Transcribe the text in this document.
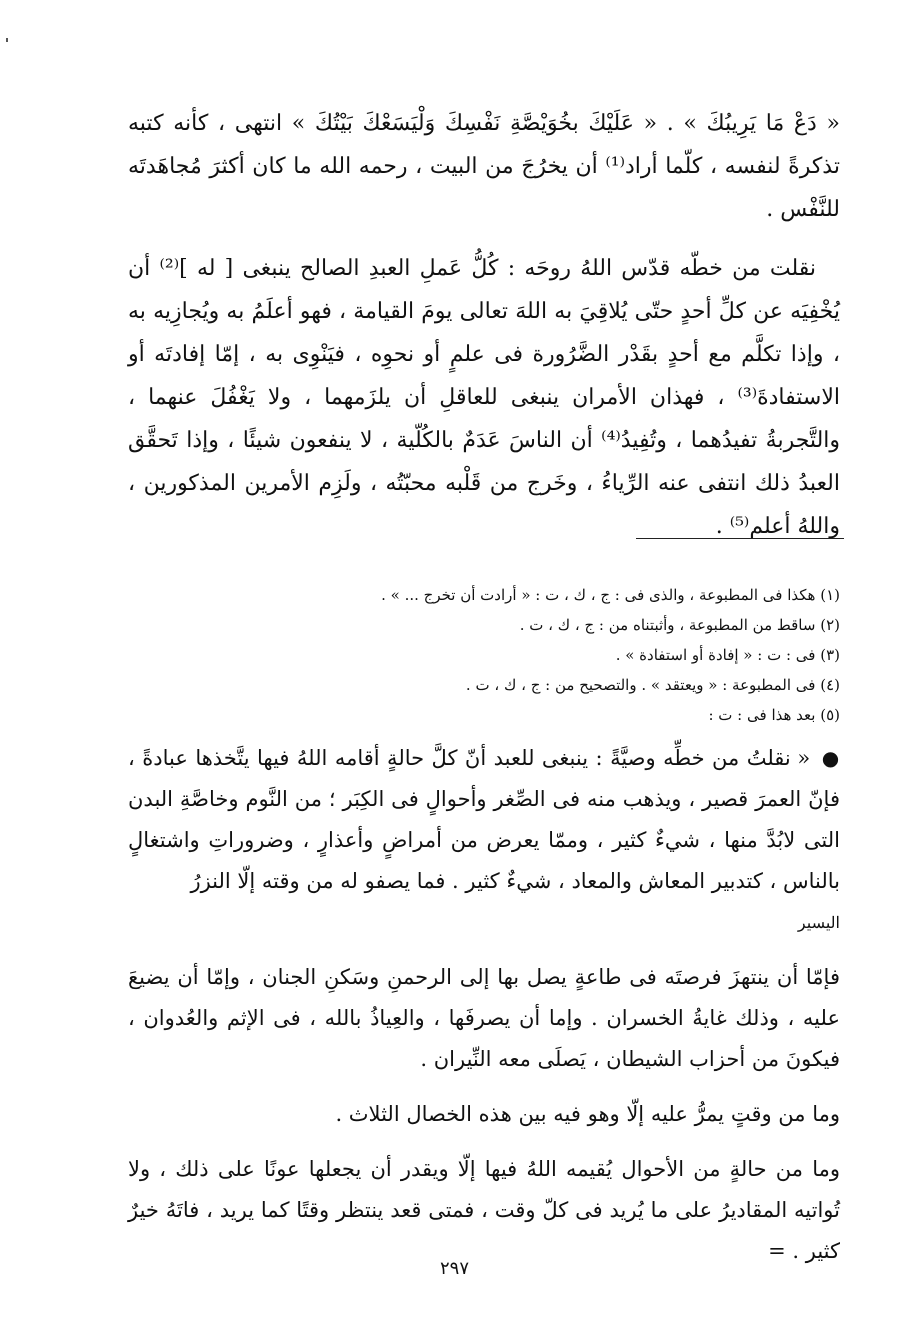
« دَعْ مَا يَرِيبُكَ » . « عَلَيْكَ بخُوَيْصَّةِ نَفْسِكَ وَلْيَسَعْكَ بَيْتُكَ » انتهى ، كأنه كتبه تذكرةً لنفسه ، كلّما أراد⁽¹⁾ أن يخرُجَ من البيت ، رحمه الله ما كان أكثرَ مُجاهَدتَه للنَّفْس .

نقلت من خطّه قدّس اللهُ روحَه : كُلُّ عَملِ العبدِ الصالح ينبغى [ له ]⁽²⁾ أن يُخْفِيَه عن كلِّ أحدٍ حتّى يُلاقِيَ به اللهَ تعالى يومَ القيامة ، فهو أعلَمُ به ويُجازِيه به ، وإذا تكلَّم مع أحدٍ بقَدْر الضَّرُورة فى علمٍ أو نحوِه ، فيَنْوِى به ، إمّا إفادتَه أو الاستفادةَ⁽³⁾ ، فهذان الأمران ينبغى للعاقلِ أن يلزَمهما ، ولا يَغْفُلَ عنهما ، والتَّجربةُ تفيدُهما ، وتُفِيدُ⁽⁴⁾ أن الناسَ عَدَمٌ بالكُلّية ، لا ينفعون شيئًا ، وإذا تَحقَّق العبدُ ذلك انتفى عنه الرِّياءُ ، وخَرج من قَلْبه محبّتُه ، ولَزِم الأمرين المذكورين ، واللهُ أعلم⁽⁵⁾ .

(١) هكذا فى المطبوعة ، والذى فى : ج ، ك ، ت : « أرادت أن تخرج ... » .
(٢) ساقط من المطبوعة ، وأثبتناه من : ج ، ك ، ت .
(٣) فى : ت : « إفادة أو استفادة » .
(٤) فى المطبوعة : « ويعتقد » . والتصحيح من : ج ، ك ، ت .
(٥) بعد هذا فى : ت :

● « نقلتُ من خطِّه وصيَّةً : ينبغى للعبد أنّ كلَّ حالةٍ أقامه اللهُ فيها يتَّخذها عبادةً ، فإنّ العمرَ قصير ، ويذهب منه فى الصِّغر وأحوالٍ فى الكِبَر ؛ من النَّوم وخاصَّةِ البدن التى لابُدَّ منها ، شيءٌ كثير ، وممّا يعرض من أمراضٍ وأعذارٍ ، وضروراتِ واشتغالٍ بالناس ، كتدبير المعاش والمعاد ، شيءٌ كثير . فما يصفو له من وقته إلّا النزرُ

اليسير

فإمّا أن ينتهزَ فرصتَه فى طاعةٍ يصل بها إلى الرحمنِ وسَكنِ الجنان ، وإمّا أن يضيعَ عليه ، وذلك غايةُ الخسران . وإما أن يصرفَها ، والعِياذُ بالله ، فى الإثم والعُدوان ، فيكونَ من أحزاب الشيطان ، يَصلَى معه النِّيران .

وما من وقتٍ يمرُّ عليه إلّا وهو فيه بين هذه الخصال الثلاث .

وما من حالةٍ من الأحوال يُقيمه اللهُ فيها إلّا ويقدر أن يجعلها عونًا على ذلك ، ولا تُواتيه المقاديرُ على ما يُريد فى كلّ وقت ، فمتى قعد ينتظر وقتًا كما يريد ، فاتَهُ خيرٌ كثير . =

٢٩٧
